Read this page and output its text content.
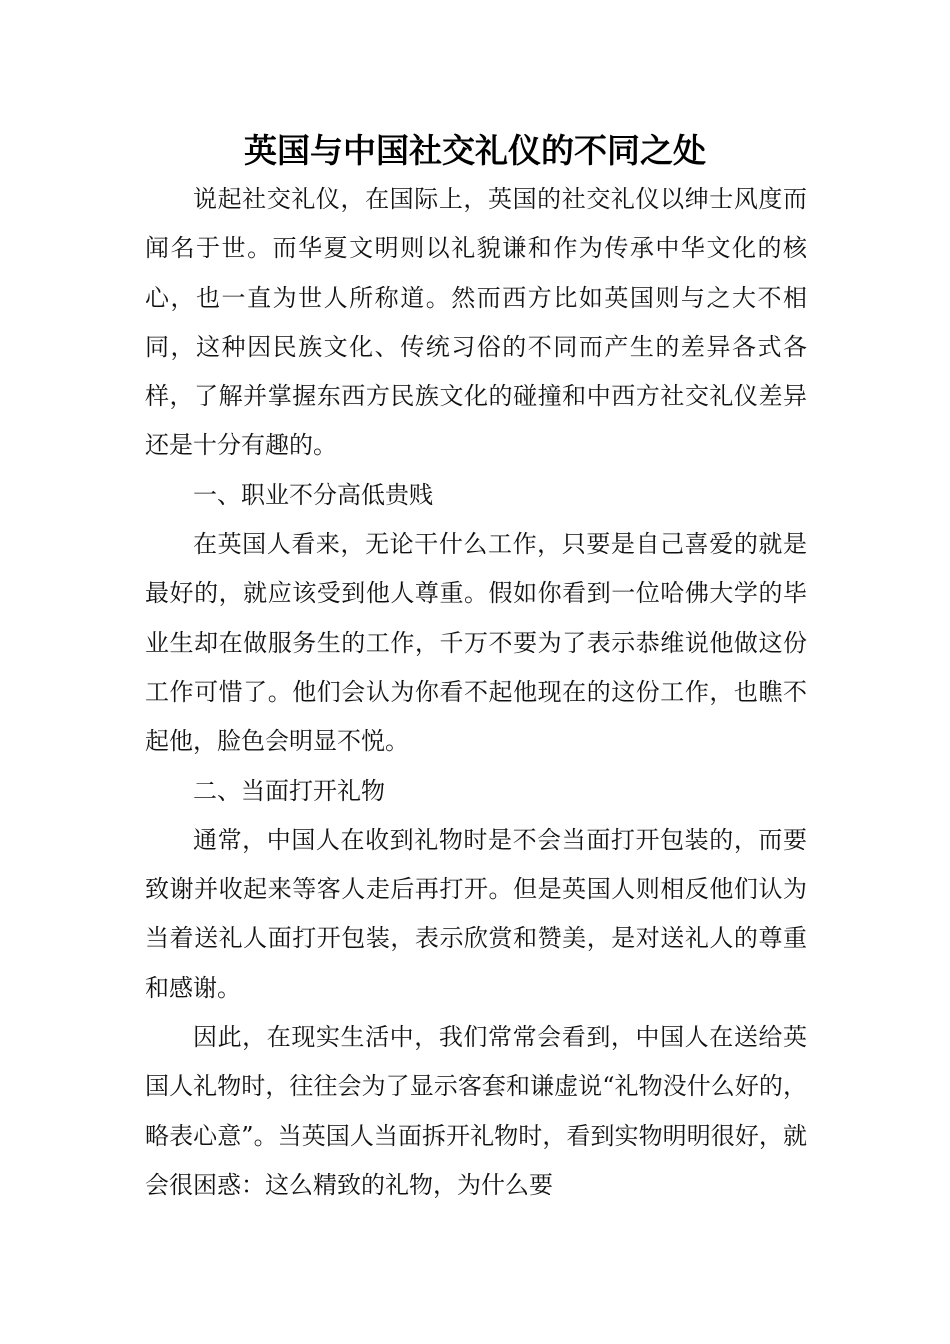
英国与中国社交礼仪的不同之处

说起社交礼仪，在国际上，英国的社交礼仪以绅士风度而闻名于世。而华夏文明则以礼貌谦和作为传承中华文化的核心，也一直为世人所称道。然而西方比如英国则与之大不相同，这种因民族文化、传统习俗的不同而产生的差异各式各样，了解并掌握东西方民族文化的碰撞和中西方社交礼仪差异还是十分有趣的。

一、职业不分高低贵贱

在英国人看来，无论干什么工作，只要是自己喜爱的就是最好的，就应该受到他人尊重。假如你看到一位哈佛大学的毕业生却在做服务生的工作，千万不要为了表示恭维说他做这份工作可惜了。他们会认为你看不起他现在的这份工作，也瞧不起他，脸色会明显不悦。

二、当面打开礼物

通常，中国人在收到礼物时是不会当面打开包装的，而要致谢并收起来等客人走后再打开。但是英国人则相反他们认为当着送礼人面打开包装，表示欣赏和赞美，是对送礼人的尊重和感谢。

因此，在现实生活中，我们常常会看到，中国人在送给英国人礼物时，往往会为了显示客套和谦虚说“礼物没什么好的，略表心意”。当英国人当面拆开礼物时，看到实物明明很好，就会很困惑：这么精致的礼物，为什么要
